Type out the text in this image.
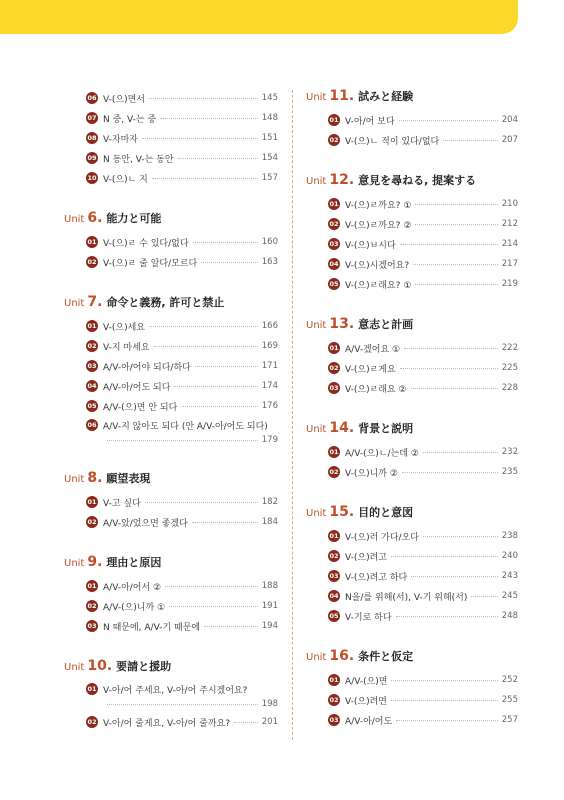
06 V-(으)면서	145
07 N 중, V-는 중	148
08 V-자마자	151
09 N 동안, V-는 동안	154
10 V-(으)ㄴ 지	157
Unit 6. 能力と可能
01 V-(으)ㄹ 수 있다/없다	160
02 V-(으)ㄹ 줄 알다/모르다	163
Unit 7. 命令と義務, 許可と禁止
01 V-(으)세요	166
02 V-지 마세요	169
03 A/V-아/어야 되다/하다	171
04 A/V-아/어도 되다	174
05 A/V-(으)면 안 되다	176
06 A/V-지 않아도 되다 (안 A/V-아/어도 되다)
179
Unit 8. 願望表現
01 V-고 싶다	182
02 A/V-았/었으면 좋겠다	184
Unit 9. 理由と原因
01 A/V-아/어서 ②	188
02 A/V-(으)니까 ①	191
03 N 때문에, A/V-기 때문에	194
Unit 10. 要請と援助
01 V-아/어 주세요, V-아/어 주시겠어요?
198
02 V-아/어 줄게요, V-아/어 줄까요?	201
Unit 11. 試みと経験
01 V-아/어 보다	204
02 V-(으)ㄴ 적이 있다/없다	207
Unit 12. 意見を尋ねる, 提案する
01 V-(으)ㄹ까요? ①	210
02 V-(으)ㄹ까요? ②	212
03 V-(으)ㅂ시다	214
04 V-(으)시겠어요?	217
05 V-(으)ㄹ래요? ①	219
Unit 13. 意志と計画
01 A/V-겠어요 ①	222
02 V-(으)ㄹ게요	225
03 V-(으)ㄹ래요 ②	228
Unit 14. 背景と説明
01 A/V-(으)ㄴ/는데 ②	232
02 V-(으)니까 ②	235
Unit 15. 目的と意図
01 V-(으)러 가다/오다	238
02 V-(으)려고	240
03 V-(으)려고 하다	243
04 N을/를 위해(서), V-기 위해(서)	245
05 V-기로 하다	248
Unit 16. 条件と仮定
01 A/V-(으)면	252
02 V-(으)려면	255
03 A/V-아/어도	257
